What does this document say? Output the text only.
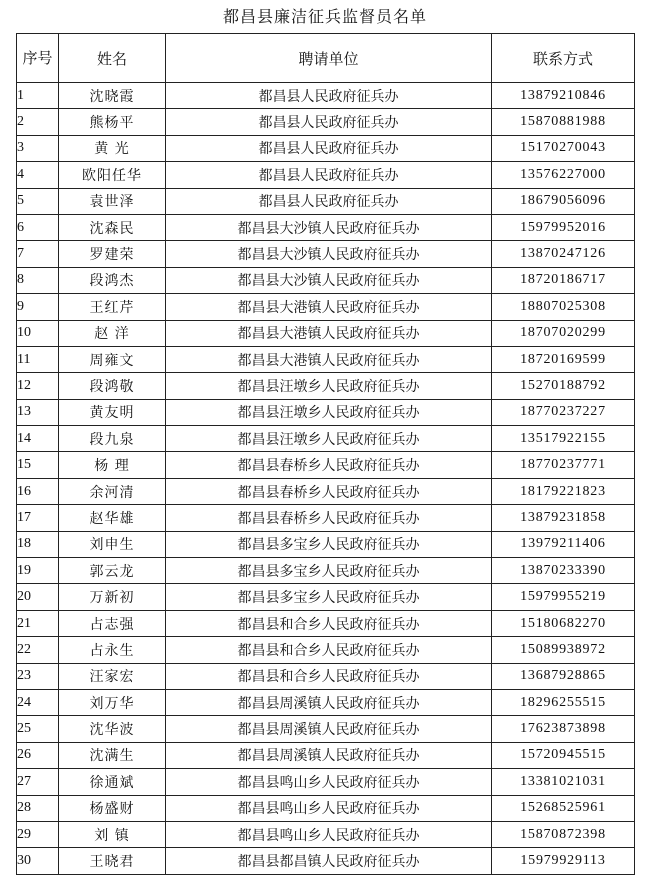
都昌县廉洁征兵监督员名单
序号	姓名	聘请单位	联系方式
1	沈晓霞	都昌县人民政府征兵办	13879210846
2	熊杨平	都昌县人民政府征兵办	15870881988
3	黄 光	都昌县人民政府征兵办	15170270043
4	欧阳任华	都昌县人民政府征兵办	13576227000
5	袁世泽	都昌县人民政府征兵办	18679056096
6	沈森民	都昌县大沙镇人民政府征兵办	15979952016
7	罗建荣	都昌县大沙镇人民政府征兵办	13870247126
8	段鸿杰	都昌县大沙镇人民政府征兵办	18720186717
9	王红芹	都昌县大港镇人民政府征兵办	18807025308
10	赵 洋	都昌县大港镇人民政府征兵办	18707020299
11	周雍文	都昌县大港镇人民政府征兵办	18720169599
12	段鸿敬	都昌县汪墩乡人民政府征兵办	15270188792
13	黄友明	都昌县汪墩乡人民政府征兵办	18770237227
14	段九泉	都昌县汪墩乡人民政府征兵办	13517922155
15	杨 理	都昌县春桥乡人民政府征兵办	18770237771
16	余河清	都昌县春桥乡人民政府征兵办	18179221823
17	赵华雄	都昌县春桥乡人民政府征兵办	13879231858
18	刘申生	都昌县多宝乡人民政府征兵办	13979211406
19	郭云龙	都昌县多宝乡人民政府征兵办	13870233390
20	万新初	都昌县多宝乡人民政府征兵办	15979955219
21	占志强	都昌县和合乡人民政府征兵办	15180682270
22	占永生	都昌县和合乡人民政府征兵办	15089938972
23	汪家宏	都昌县和合乡人民政府征兵办	13687928865
24	刘万华	都昌县周溪镇人民政府征兵办	18296255515
25	沈华波	都昌县周溪镇人民政府征兵办	17623873898
26	沈满生	都昌县周溪镇人民政府征兵办	15720945515
27	徐通斌	都昌县鸣山乡人民政府征兵办	13381021031
28	杨盛财	都昌县鸣山乡人民政府征兵办	15268525961
29	刘 镇	都昌县鸣山乡人民政府征兵办	15870872398
30	王晓君	都昌县都昌镇人民政府征兵办	15979929113
